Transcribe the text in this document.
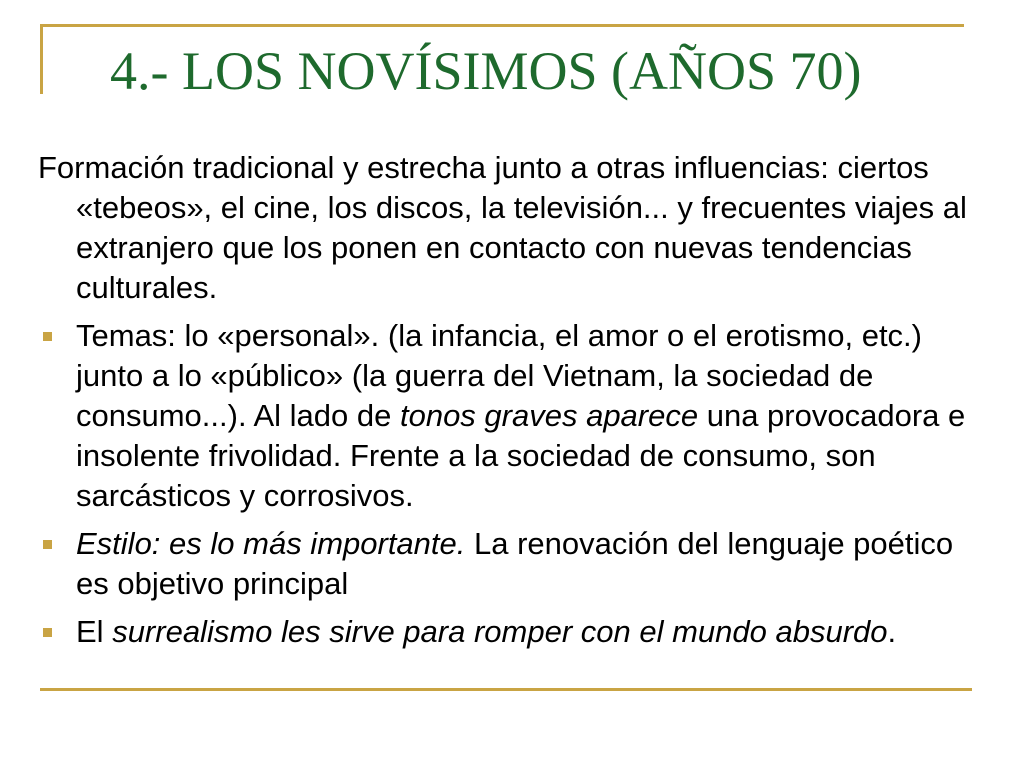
4.- LOS NOVÍSIMOS (AÑOS 70)

Formación tradicional y estrecha junto a otras influencias: ciertos «tebeos», el cine, los discos, la televisión... y frecuentes viajes al extranjero que los ponen en contacto con nuevas tendencias culturales.

Temas: lo «personal». (la infancia, el amor o el erotismo, etc.) junto a lo «público» (la guerra del Vietnam, la sociedad de consumo...). Al lado de tonos graves aparece una provocadora e insolente frivolidad. Frente a la sociedad de consumo, son sarcásticos y corrosivos.
Estilo: es lo más importante. La renovación del lenguaje poético es objetivo principal
El surrealismo les sirve para romper con el mundo absurdo.
